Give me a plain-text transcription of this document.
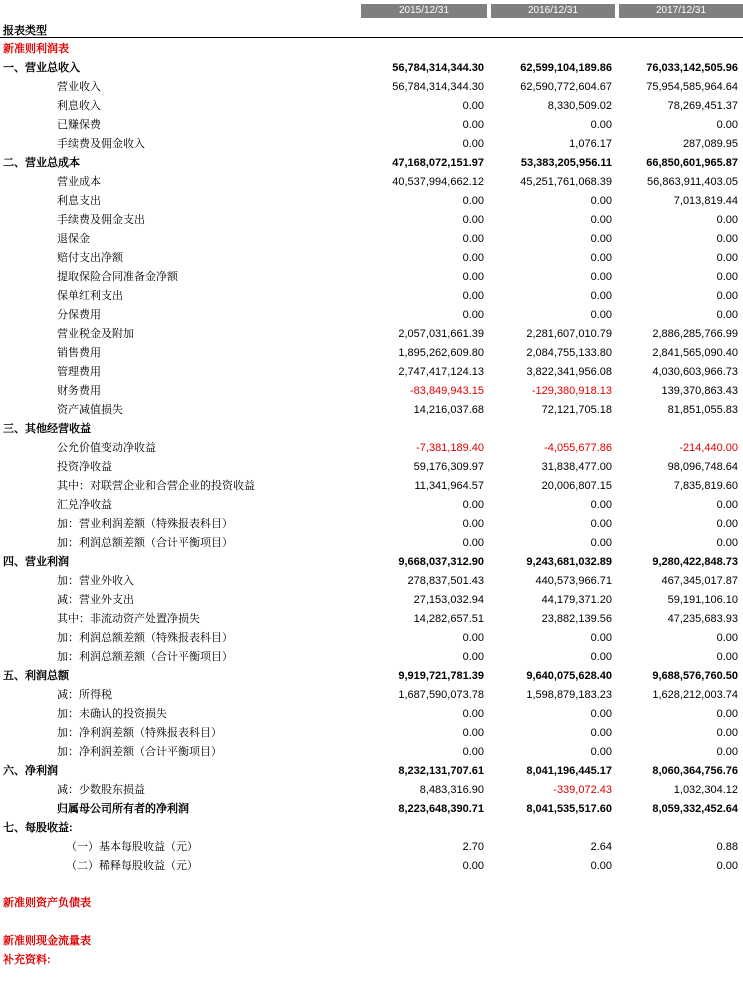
2015/12/31	2016/12/31	2017/12/31
报表类型
新准则利润表
一、营业总收入	56,784,314,344.30	62,599,104,189.86	76,033,142,505.96
营业收入	56,784,314,344.30	62,590,772,604.67	75,954,585,964.64
利息收入	0.00	8,330,509.02	78,269,451.37
已赚保费	0.00	0.00	0.00
手续费及佣金收入	0.00	1,076.17	287,089.95
二、营业总成本	47,168,072,151.97	53,383,205,956.11	66,850,601,965.87
营业成本	40,537,994,662.12	45,251,761,068.39	56,863,911,403.05
利息支出	0.00	0.00	7,013,819.44
手续费及佣金支出	0.00	0.00	0.00
退保金	0.00	0.00	0.00
赔付支出净额	0.00	0.00	0.00
提取保险合同准备金净额	0.00	0.00	0.00
保单红利支出	0.00	0.00	0.00
分保费用	0.00	0.00	0.00
营业税金及附加	2,057,031,661.39	2,281,607,010.79	2,886,285,766.99
销售费用	1,895,262,609.80	2,084,755,133.80	2,841,565,090.40
管理费用	2,747,417,124.13	3,822,341,956.08	4,030,603,966.73
财务费用	-83,849,943.15	-129,380,918.13	139,370,863.43
资产减值损失	14,216,037.68	72,121,705.18	81,851,055.83
三、其他经营收益
公允价值变动净收益	-7,381,189.40	-4,055,677.86	-214,440.00
投资净收益	59,176,309.97	31,838,477.00	98,096,748.64
其中：对联营企业和合营企业的投资收益	11,341,964.57	20,006,807.15	7,835,819.60
汇兑净收益	0.00	0.00	0.00
加：营业利润差额（特殊报表科目）	0.00	0.00	0.00
加：利润总额差额（合计平衡项目）	0.00	0.00	0.00
四、营业利润	9,668,037,312.90	9,243,681,032.89	9,280,422,848.73
加：营业外收入	278,837,501.43	440,573,966.71	467,345,017.87
减：营业外支出	27,153,032.94	44,179,371.20	59,191,106.10
其中：非流动资产处置净损失	14,282,657.51	23,882,139.56	47,235,683.93
加：利润总额差额（特殊报表科目）	0.00	0.00	0.00
加：利润总额差额（合计平衡项目）	0.00	0.00	0.00
五、利润总额	9,919,721,781.39	9,640,075,628.40	9,688,576,760.50
减：所得税	1,687,590,073.78	1,598,879,183.23	1,628,212,003.74
加：未确认的投资损失	0.00	0.00	0.00
加：净利润差额（特殊报表科目）	0.00	0.00	0.00
加：净利润差额（合计平衡项目）	0.00	0.00	0.00
六、净利润	8,232,131,707.61	8,041,196,445.17	8,060,364,756.76
减：少数股东损益	8,483,316.90	-339,072.43	1,032,304.12
归属母公司所有者的净利润	8,223,648,390.71	8,041,535,517.60	8,059,332,452.64
七、每股收益:
（一）基本每股收益（元）	2.70	2.64	0.88
（二）稀释每股收益（元）	0.00	0.00	0.00
新准则资产负债表
新准则现金流量表
补充资料:
